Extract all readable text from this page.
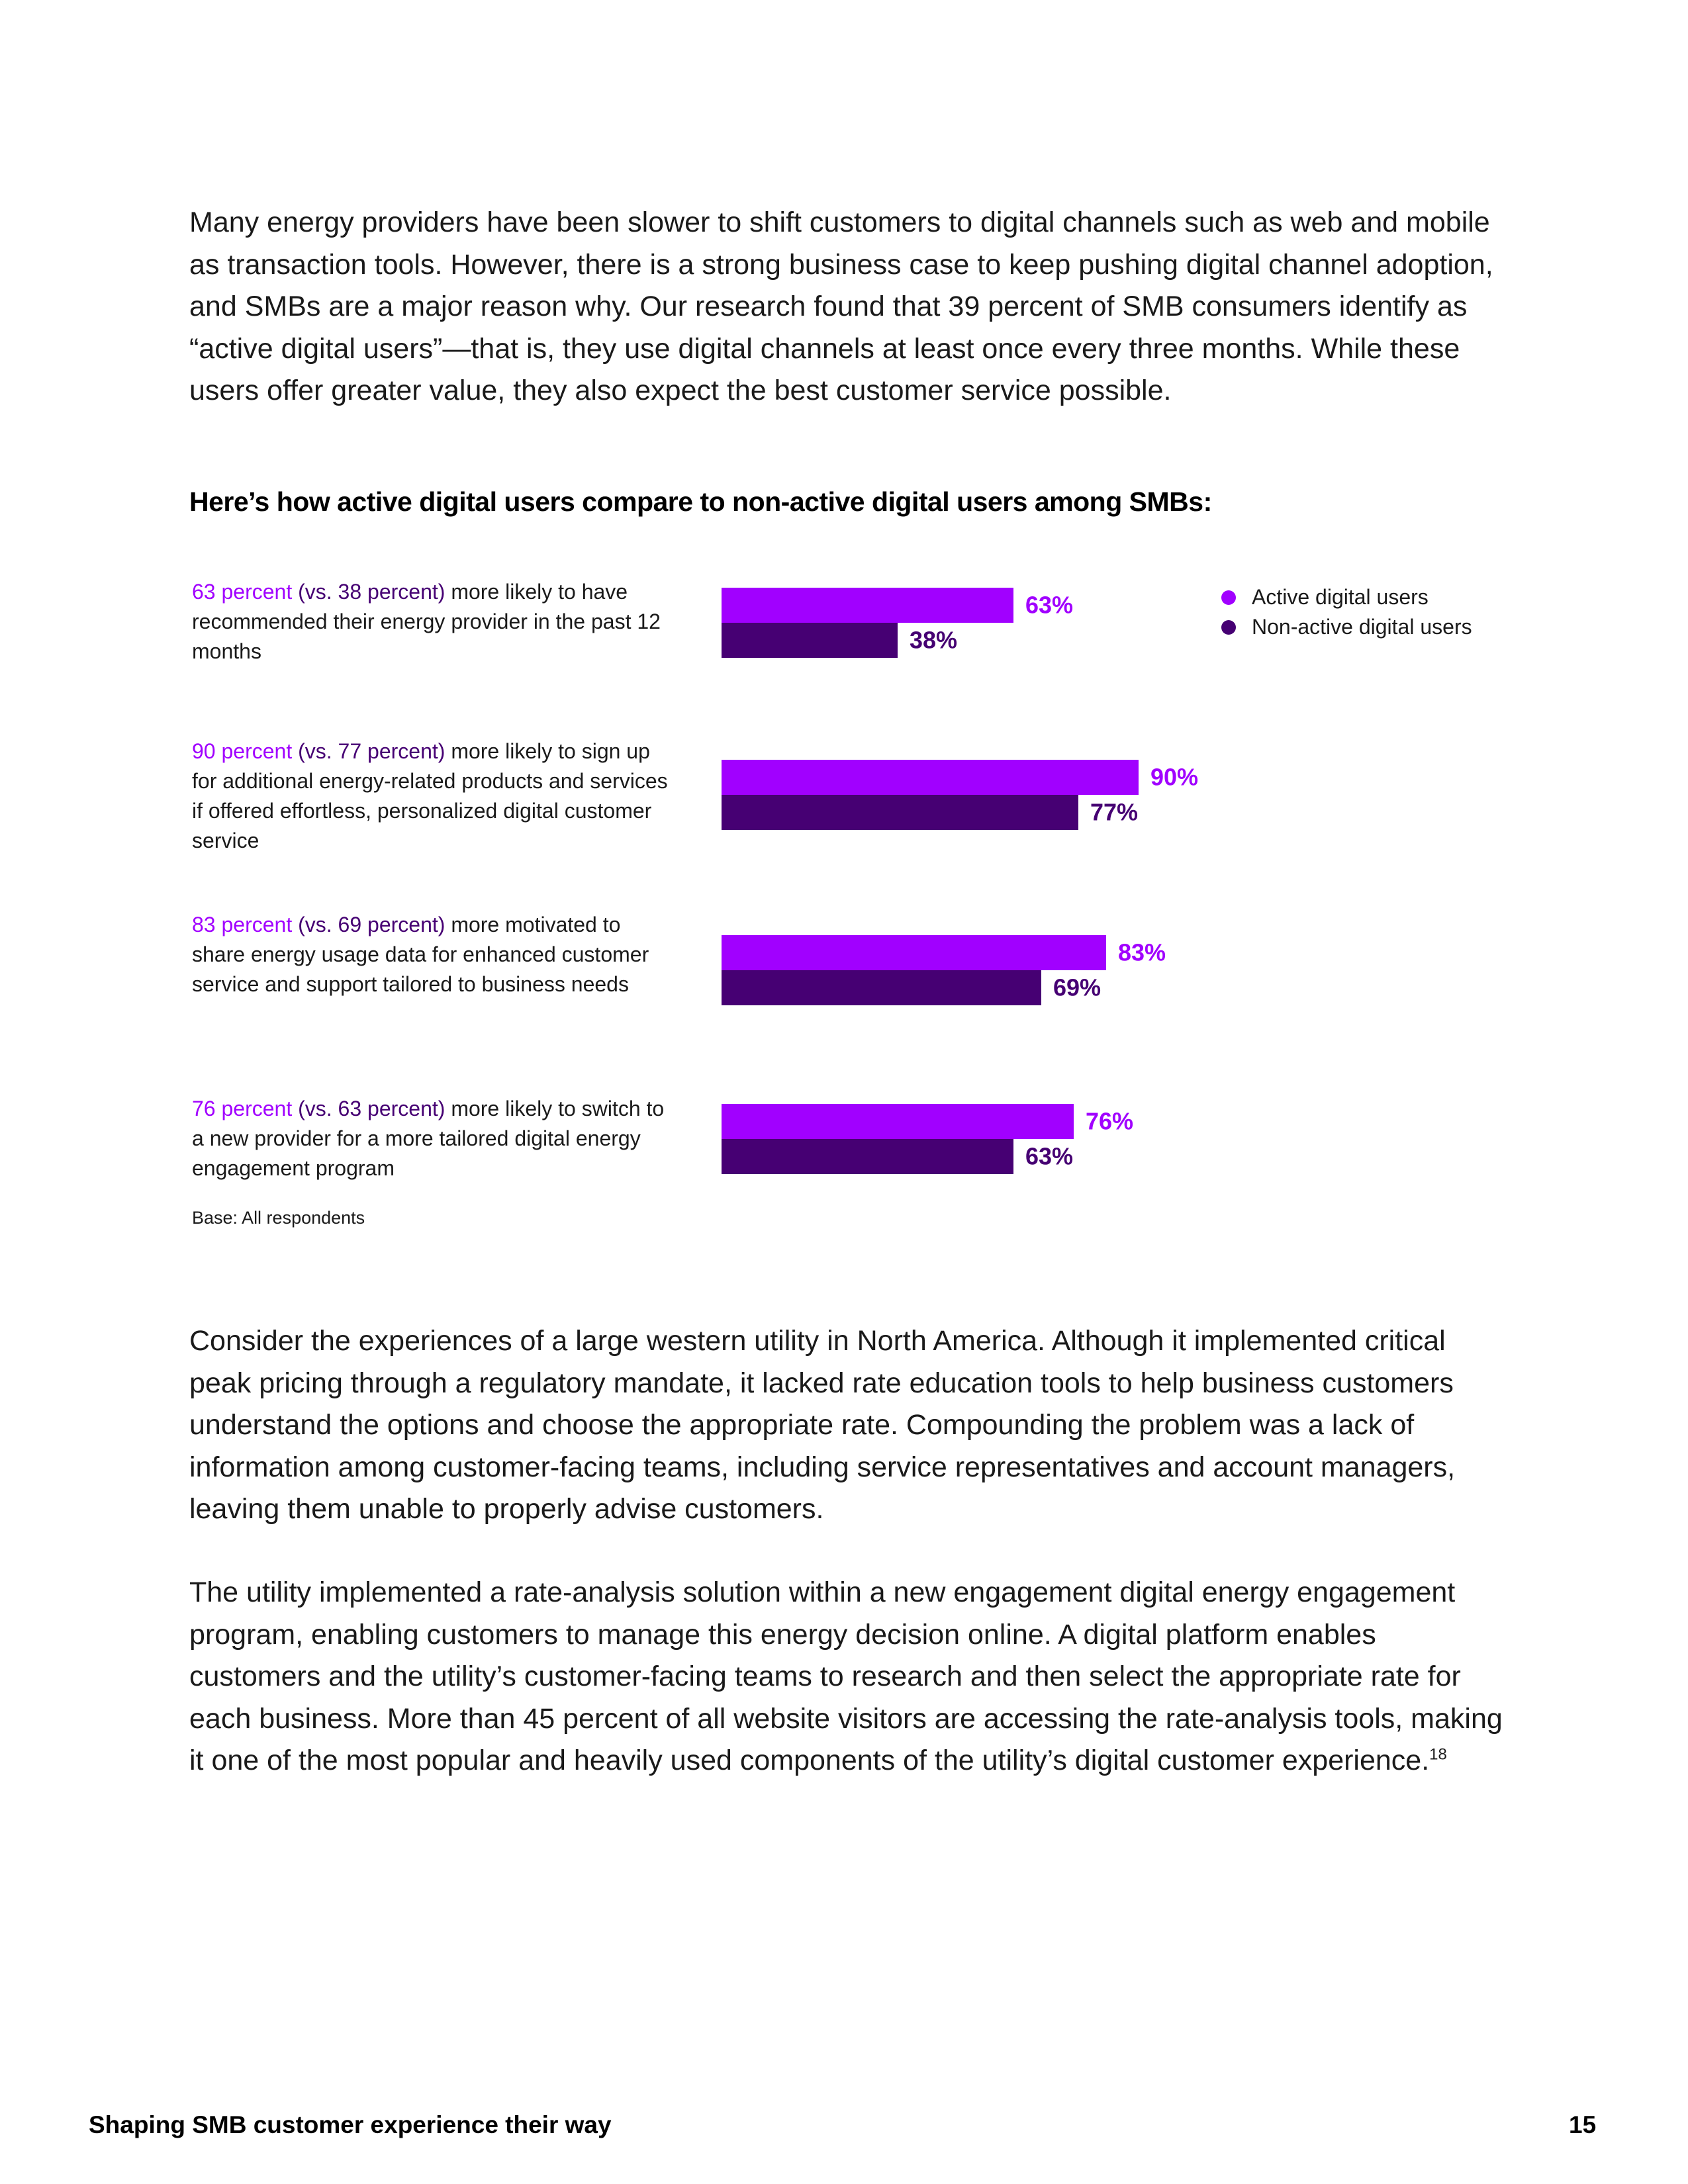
Many energy providers have been slower to shift customers to digital channels such as web and mobile as transaction tools. However, there is a strong business case to keep pushing digital channel adoption, and SMBs are a major reason why. Our research found that 39 percent of SMB consumers identify as “active digital users”—that is, they use digital channels at least once every three months. While these users offer greater value, they also expect the best customer service possible.

Here’s how active digital users compare to non-active digital users among SMBs:
63 percent (vs. 38 percent) more likely to have recommended their energy provider in the past 12 months
90 percent (vs. 77 percent) more likely to sign up for additional energy-related products and services if offered effortless, personalized digital customer service
83 percent (vs. 69 percent) more motivated to share energy usage data for enhanced customer service and support tailored to business needs
76 percent (vs. 63 percent) more likely to switch to a new provider for a more tailored digital energy engagement program
Base: All respondents
63%
38%
90%
77%
83%
69%
76%
63%
Active digital users
Non-active digital users

Consider the experiences of a large western utility in North America. Although it implemented critical peak pricing through a regulatory mandate, it lacked rate education tools to help business customers understand the options and choose the appropriate rate. Compounding the problem was a lack of information among customer-facing teams, including service representatives and account managers, leaving them unable to properly advise customers.

The utility implemented a rate-analysis solution within a new engagement digital energy engagement program, enabling customers to manage this energy decision online. A digital platform enables customers and the utility’s customer-facing teams to research and then select the appropriate rate for each business. More than 45 percent of all website visitors are accessing the rate-analysis tools, making it one of the most popular and heavily used components of the utility’s digital customer experience.$^{18}$

Shaping SMB customer experience their way	15
